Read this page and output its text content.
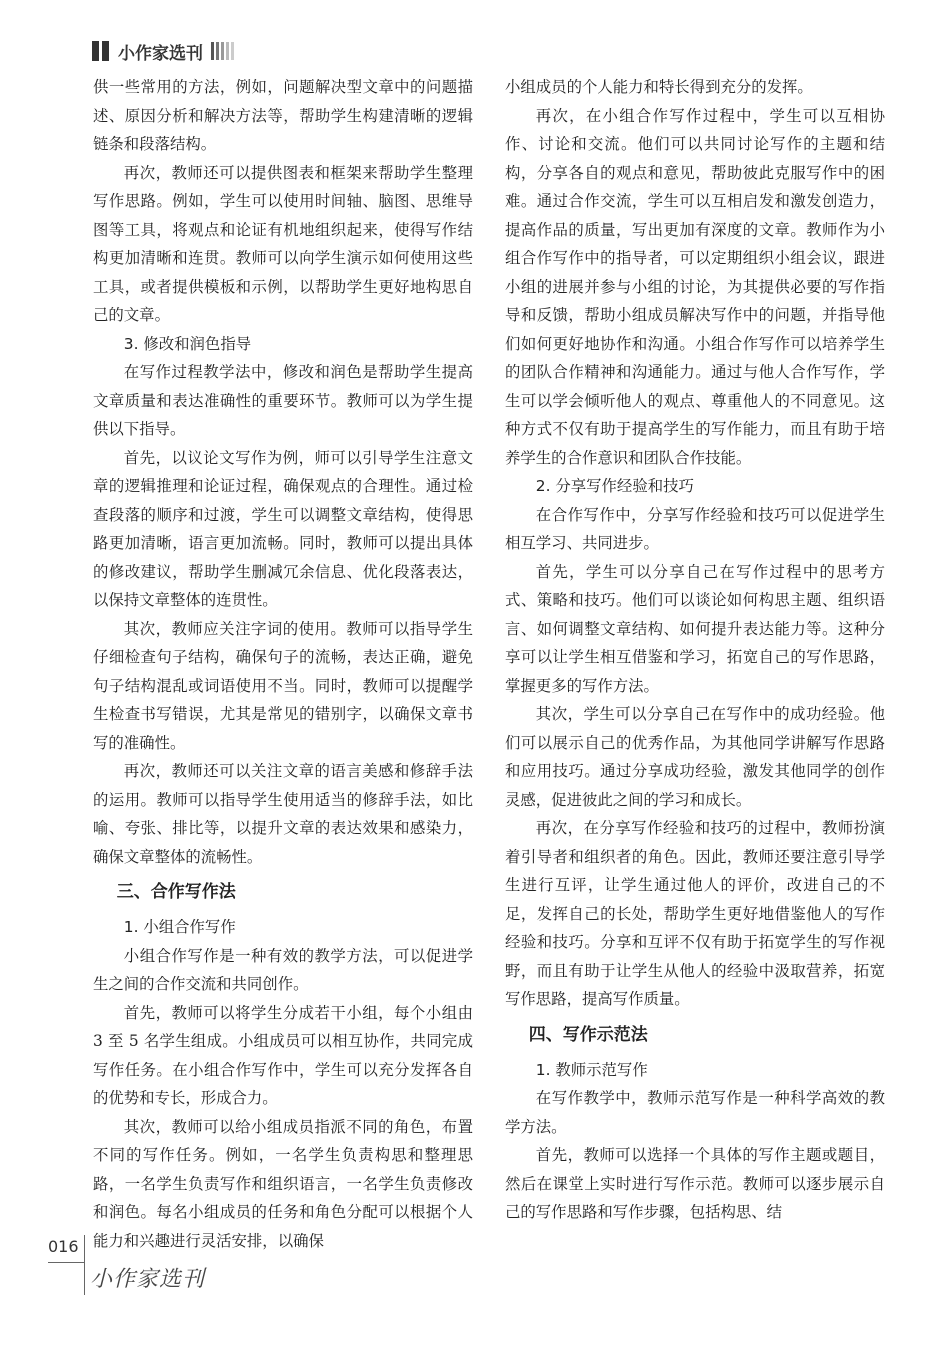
小作家选刊

供一些常用的方法，例如，问题解决型文章中的问题描述、原因分析和解决方法等，帮助学生构建清晰的逻辑链条和段落结构。

再次，教师还可以提供图表和框架来帮助学生整理写作思路。例如，学生可以使用时间轴、脑图、思维导图等工具，将观点和论证有机地组织起来，使得写作结构更加清晰和连贯。教师可以向学生演示如何使用这些工具，或者提供模板和示例，以帮助学生更好地构思自己的文章。

3. 修改和润色指导

在写作过程教学法中，修改和润色是帮助学生提高文章质量和表达准确性的重要环节。教师可以为学生提供以下指导。

首先，以议论文写作为例，师可以引导学生注意文章的逻辑推理和论证过程，确保观点的合理性。通过检查段落的顺序和过渡，学生可以调整文章结构，使得思路更加清晰，语言更加流畅。同时，教师可以提出具体的修改建议，帮助学生删减冗余信息、优化段落表达，以保持文章整体的连贯性。

其次，教师应关注字词的使用。教师可以指导学生仔细检查句子结构，确保句子的流畅，表达正确，避免句子结构混乱或词语使用不当。同时，教师可以提醒学生检查书写错误，尤其是常见的错别字，以确保文章书写的准确性。

再次，教师还可以关注文章的语言美感和修辞手法的运用。教师可以指导学生使用适当的修辞手法，如比喻、夸张、排比等，以提升文章的表达效果和感染力，确保文章整体的流畅性。

三、合作写作法
1. 小组合作写作

小组合作写作是一种有效的教学方法，可以促进学生之间的合作交流和共同创作。

首先，教师可以将学生分成若干小组，每个小组由 3 至 5 名学生组成。小组成员可以相互协作，共同完成写作任务。在小组合作写作中，学生可以充分发挥各自的优势和专长，形成合力。

其次，教师可以给小组成员指派不同的角色，布置不同的写作任务。例如，一名学生负责构思和整理思路，一名学生负责写作和组织语言，一名学生负责修改和润色。每名小组成员的任务和角色分配可以根据个人能力和兴趣进行灵活安排，以确保

小组成员的个人能力和特长得到充分的发挥。

再次，在小组合作写作过程中，学生可以互相协作、讨论和交流。他们可以共同讨论写作的主题和结构，分享各自的观点和意见，帮助彼此克服写作中的困难。通过合作交流，学生可以互相启发和激发创造力，提高作品的质量，写出更加有深度的文章。教师作为小组合作写作中的指导者，可以定期组织小组会议，跟进小组的进展并参与小组的讨论，为其提供必要的写作指导和反馈，帮助小组成员解决写作中的问题，并指导他们如何更好地协作和沟通。小组合作写作可以培养学生的团队合作精神和沟通能力。通过与他人合作写作，学生可以学会倾听他人的观点、尊重他人的不同意见。这种方式不仅有助于提高学生的写作能力，而且有助于培养学生的合作意识和团队合作技能。

2. 分享写作经验和技巧

在合作写作中，分享写作经验和技巧可以促进学生相互学习、共同进步。

首先，学生可以分享自己在写作过程中的思考方式、策略和技巧。他们可以谈论如何构思主题、组织语言、如何调整文章结构、如何提升表达能力等。这种分享可以让学生相互借鉴和学习，拓宽自己的写作思路，掌握更多的写作方法。

其次，学生可以分享自己在写作中的成功经验。他们可以展示自己的优秀作品，为其他同学讲解写作思路和应用技巧。通过分享成功经验，激发其他同学的创作灵感，促进彼此之间的学习和成长。

再次，在分享写作经验和技巧的过程中，教师扮演着引导者和组织者的角色。因此，教师还要注意引导学生进行互评，让学生通过他人的评价，改进自己的不足，发挥自己的长处，帮助学生更好地借鉴他人的写作经验和技巧。分享和互评不仅有助于拓宽学生的写作视野，而且有助于让学生从他人的经验中汲取营养，拓宽写作思路，提高写作质量。

四、写作示范法
1. 教师示范写作

在写作教学中，教师示范写作是一种科学高效的教学方法。

首先，教师可以选择一个具体的写作主题或题目，然后在课堂上实时进行写作示范。教师可以逐步展示自己的写作思路和写作步骤，包括构思、结

016
小作家选刊
